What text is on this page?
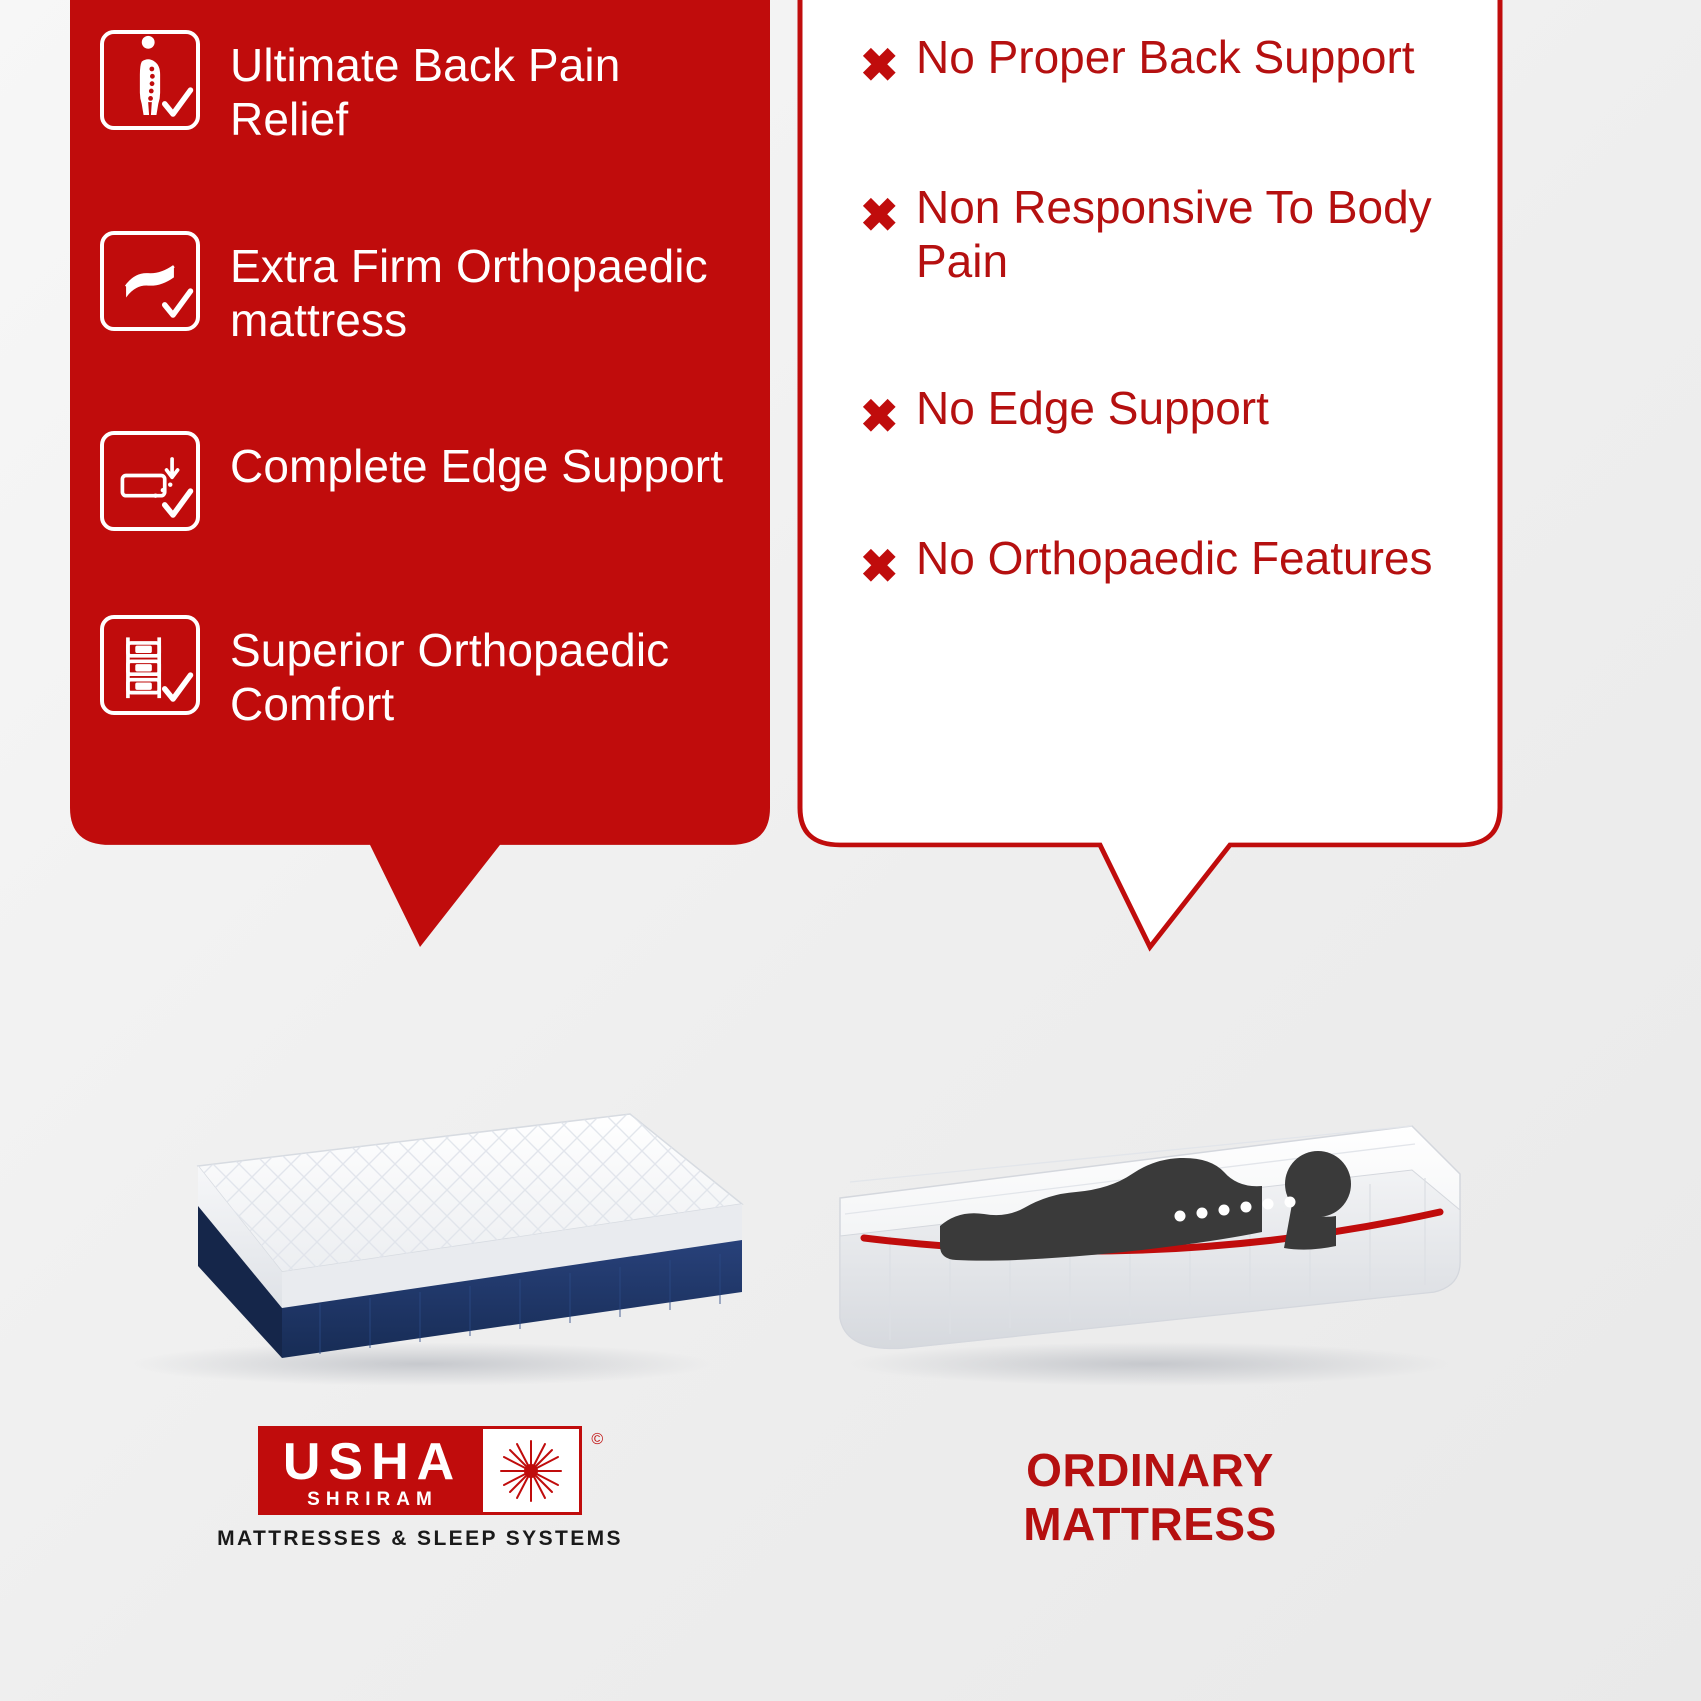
Ultimate Back Pain Relief
Extra Firm Orthopaedic mattress
Complete Edge Support
Superior Orthopaedic Comfort
✖ No Proper Back Support
✖ Non Responsive To Body Pain
✖ No Edge Support
✖ No Orthopaedic Features
USHA
SHRIRAM
©
MATTRESSES & SLEEP SYSTEMS
ORDINARY
MATTRESS
